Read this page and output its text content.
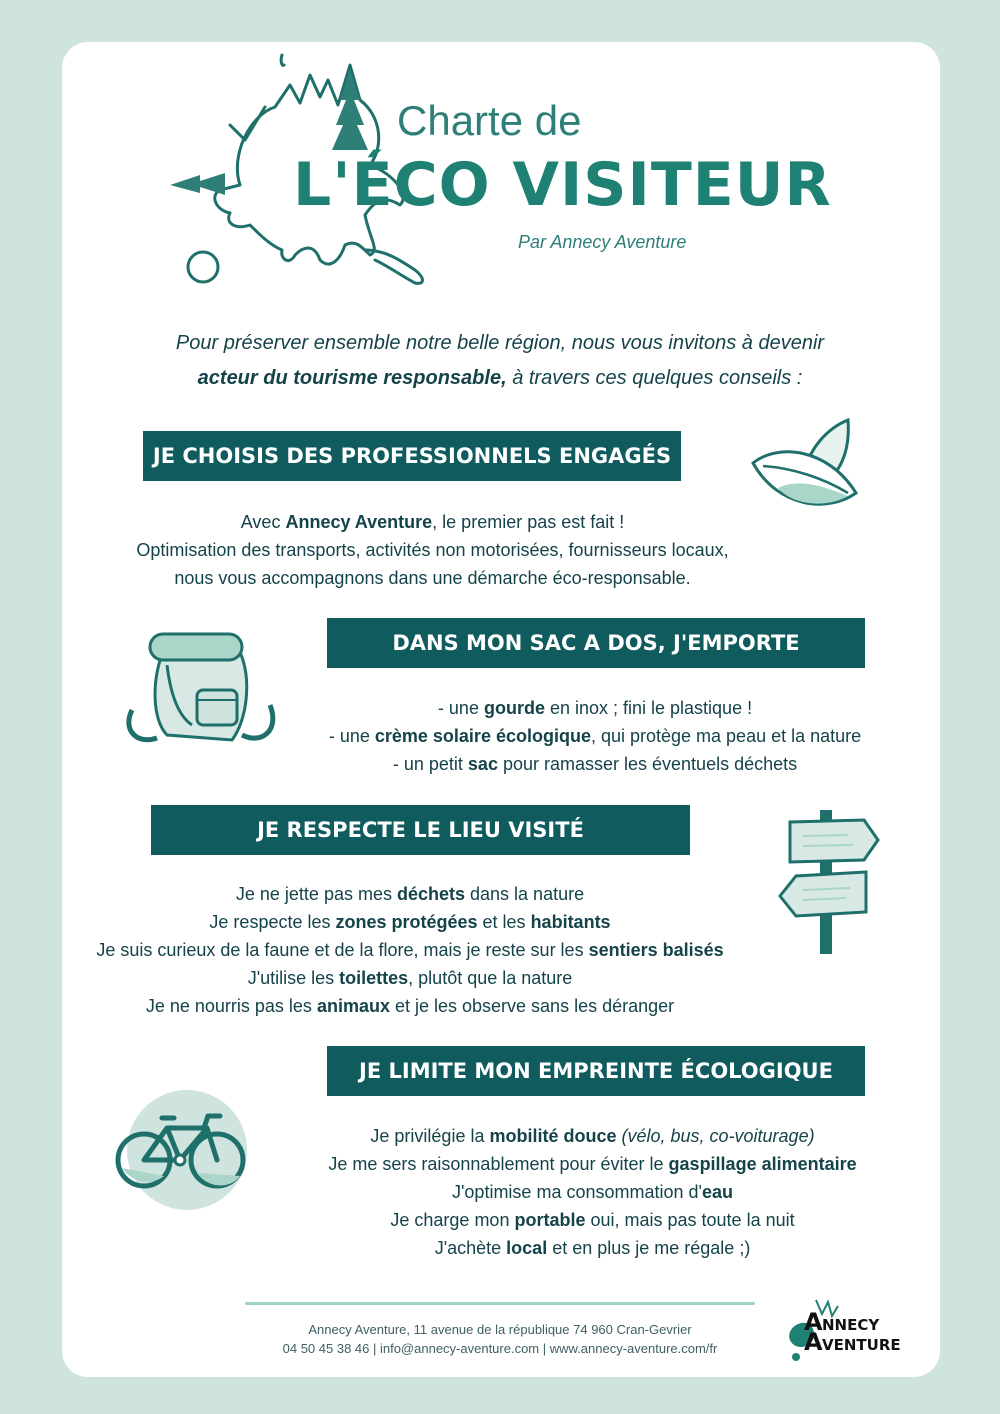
Charte de
L'ÉCO VISITEUR
Par Annecy Aventure
Pour préserver ensemble notre belle région, nous vous invitons à devenir
acteur du tourisme responsable, à travers ces quelques conseils :
JE CHOISIS DES PROFESSIONNELS ENGAGÉS

Avec Annecy Aventure, le premier pas est fait !

Optimisation des transports, activités non motorisées, fournisseurs locaux,

nous vous accompagnons dans une démarche éco-responsable.

DANS MON SAC A DOS, J'EMPORTE

- une gourde en inox ; fini le plastique !

- une crème solaire écologique, qui protège ma peau et la nature

- un petit sac pour ramasser les éventuels déchets

JE RESPECTE LE LIEU VISITÉ

Je ne jette pas mes déchets dans la nature

Je respecte les zones protégées et les habitants

Je suis curieux de la faune et de la flore, mais je reste sur les sentiers balisés

J'utilise les toilettes, plutôt que la nature

Je ne nourris pas les animaux et je les observe sans les déranger

JE LIMITE MON EMPREINTE ÉCOLOGIQUE

Je privilégie la mobilité douce (vélo, bus, co-voiturage)

Je me sers raisonnablement pour éviter le gaspillage alimentaire

J'optimise ma consommation d'eau

Je charge mon portable oui, mais pas toute la nuit

J'achète local et en plus je me régale ;)

Annecy Aventure, 11 avenue de la république 74 960 Cran-Gevrier
04 50 45 38 46 | info@annecy-aventure.com | www.annecy-aventure.com/fr
A NNECY
A VENTURE
